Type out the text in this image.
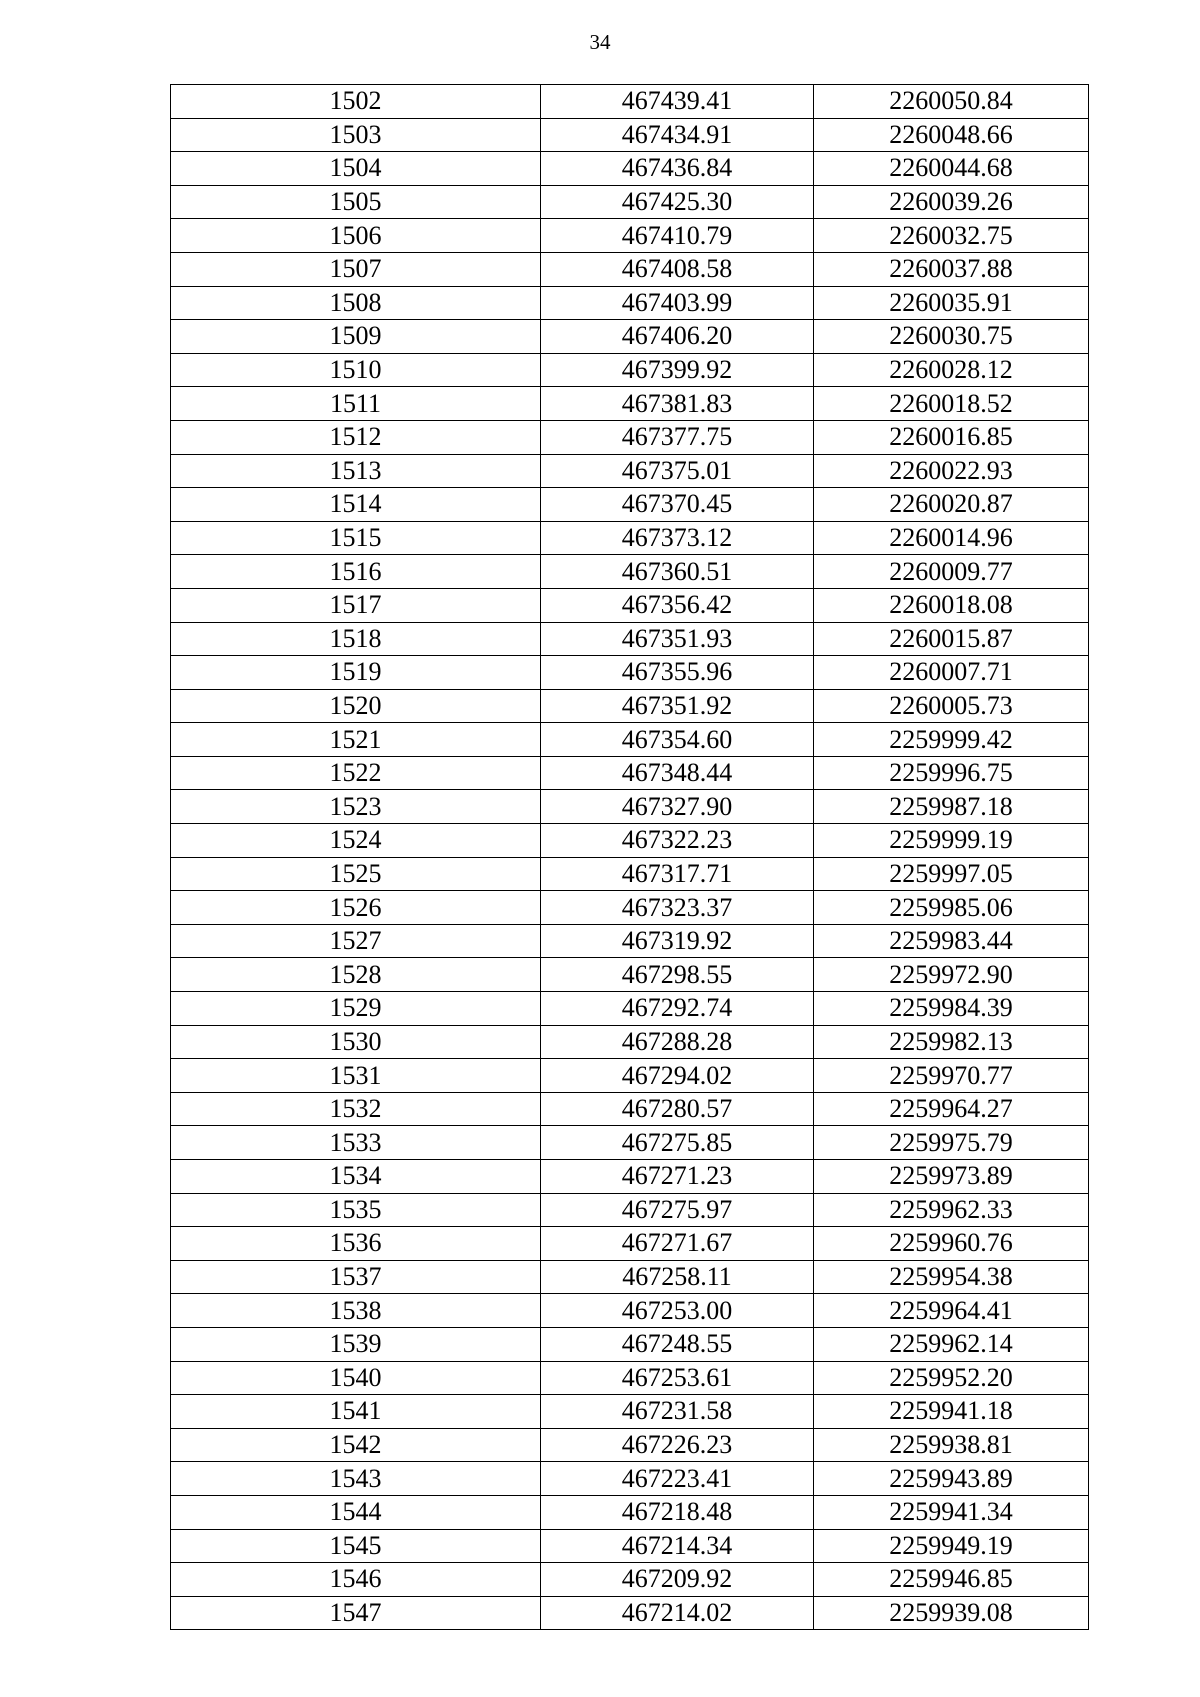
34
1502	467439.41	2260050.84
1503	467434.91	2260048.66
1504	467436.84	2260044.68
1505	467425.30	2260039.26
1506	467410.79	2260032.75
1507	467408.58	2260037.88
1508	467403.99	2260035.91
1509	467406.20	2260030.75
1510	467399.92	2260028.12
1511	467381.83	2260018.52
1512	467377.75	2260016.85
1513	467375.01	2260022.93
1514	467370.45	2260020.87
1515	467373.12	2260014.96
1516	467360.51	2260009.77
1517	467356.42	2260018.08
1518	467351.93	2260015.87
1519	467355.96	2260007.71
1520	467351.92	2260005.73
1521	467354.60	2259999.42
1522	467348.44	2259996.75
1523	467327.90	2259987.18
1524	467322.23	2259999.19
1525	467317.71	2259997.05
1526	467323.37	2259985.06
1527	467319.92	2259983.44
1528	467298.55	2259972.90
1529	467292.74	2259984.39
1530	467288.28	2259982.13
1531	467294.02	2259970.77
1532	467280.57	2259964.27
1533	467275.85	2259975.79
1534	467271.23	2259973.89
1535	467275.97	2259962.33
1536	467271.67	2259960.76
1537	467258.11	2259954.38
1538	467253.00	2259964.41
1539	467248.55	2259962.14
1540	467253.61	2259952.20
1541	467231.58	2259941.18
1542	467226.23	2259938.81
1543	467223.41	2259943.89
1544	467218.48	2259941.34
1545	467214.34	2259949.19
1546	467209.92	2259946.85
1547	467214.02	2259939.08
